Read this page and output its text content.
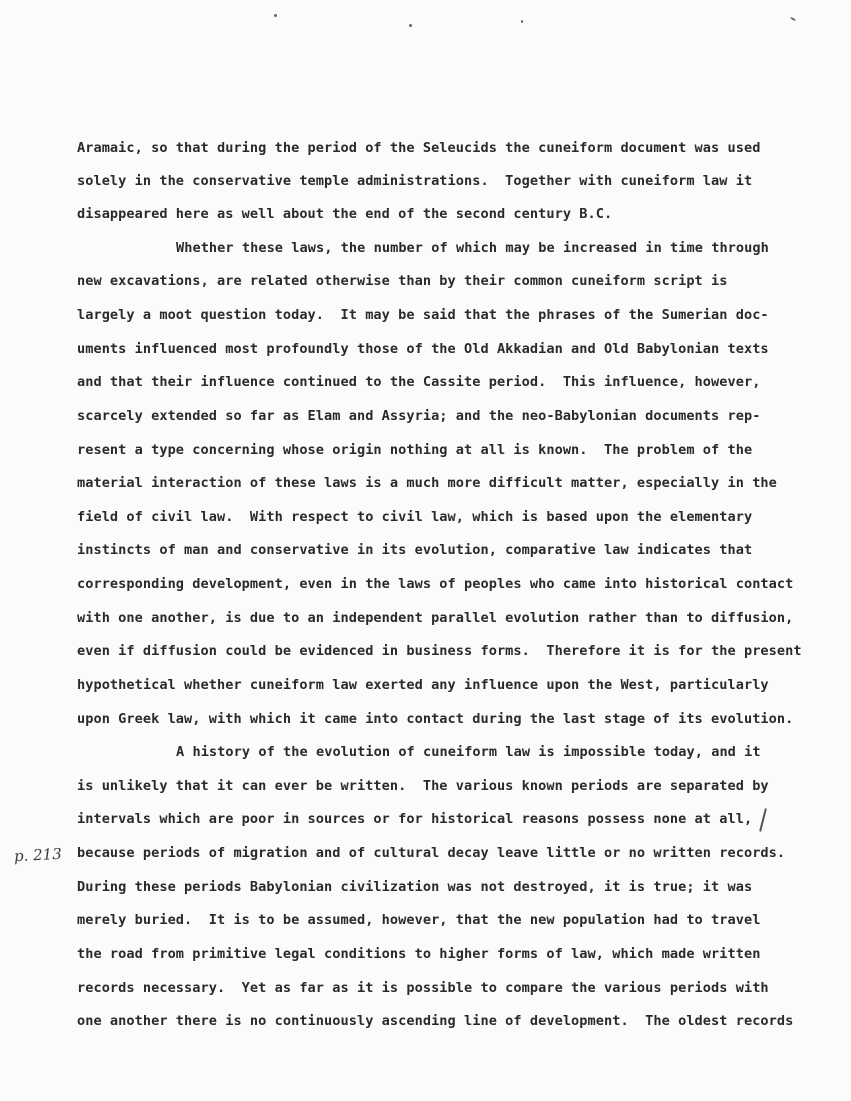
Aramaic, so that during the period of the Seleucids the cuneiform document was used
solely in the conservative temple administrations.  Together with cuneiform law it
disappeared here as well about the end of the second century B.C.
Whether these laws, the number of which may be increased in time through
new excavations, are related otherwise than by their common cuneiform script is
largely a moot question today.  It may be said that the phrases of the Sumerian doc-
uments influenced most profoundly those of the Old Akkadian and Old Babylonian texts
and that their influence continued to the Cassite period.  This influence, however,
scarcely extended so far as Elam and Assyria; and the neo-Babylonian documents rep-
resent a type concerning whose origin nothing at all is known.  The problem of the
material interaction of these laws is a much more difficult matter, especially in the
field of civil law.  With respect to civil law, which is based upon the elementary
instincts of man and conservative in its evolution, comparative law indicates that
corresponding development, even in the laws of peoples who came into historical contact
with one another, is due to an independent parallel evolution rather than to diffusion,
even if diffusion could be evidenced in business forms.  Therefore it is for the present
hypothetical whether cuneiform law exerted any influence upon the West, particularly
upon Greek law, with which it came into contact during the last stage of its evolution.
A history of the evolution of cuneiform law is impossible today, and it
is unlikely that it can ever be written.  The various known periods are separated by
intervals which are poor in sources or for historical reasons possess none at all,
because periods of migration and of cultural decay leave little or no written records.
During these periods Babylonian civilization was not destroyed, it is true; it was
merely buried.  It is to be assumed, however, that the new population had to travel
the road from primitive legal conditions to higher forms of law, which made written
records necessary.  Yet as far as it is possible to compare the various periods with
one another there is no continuously ascending line of development.  The oldest records
p. 213
